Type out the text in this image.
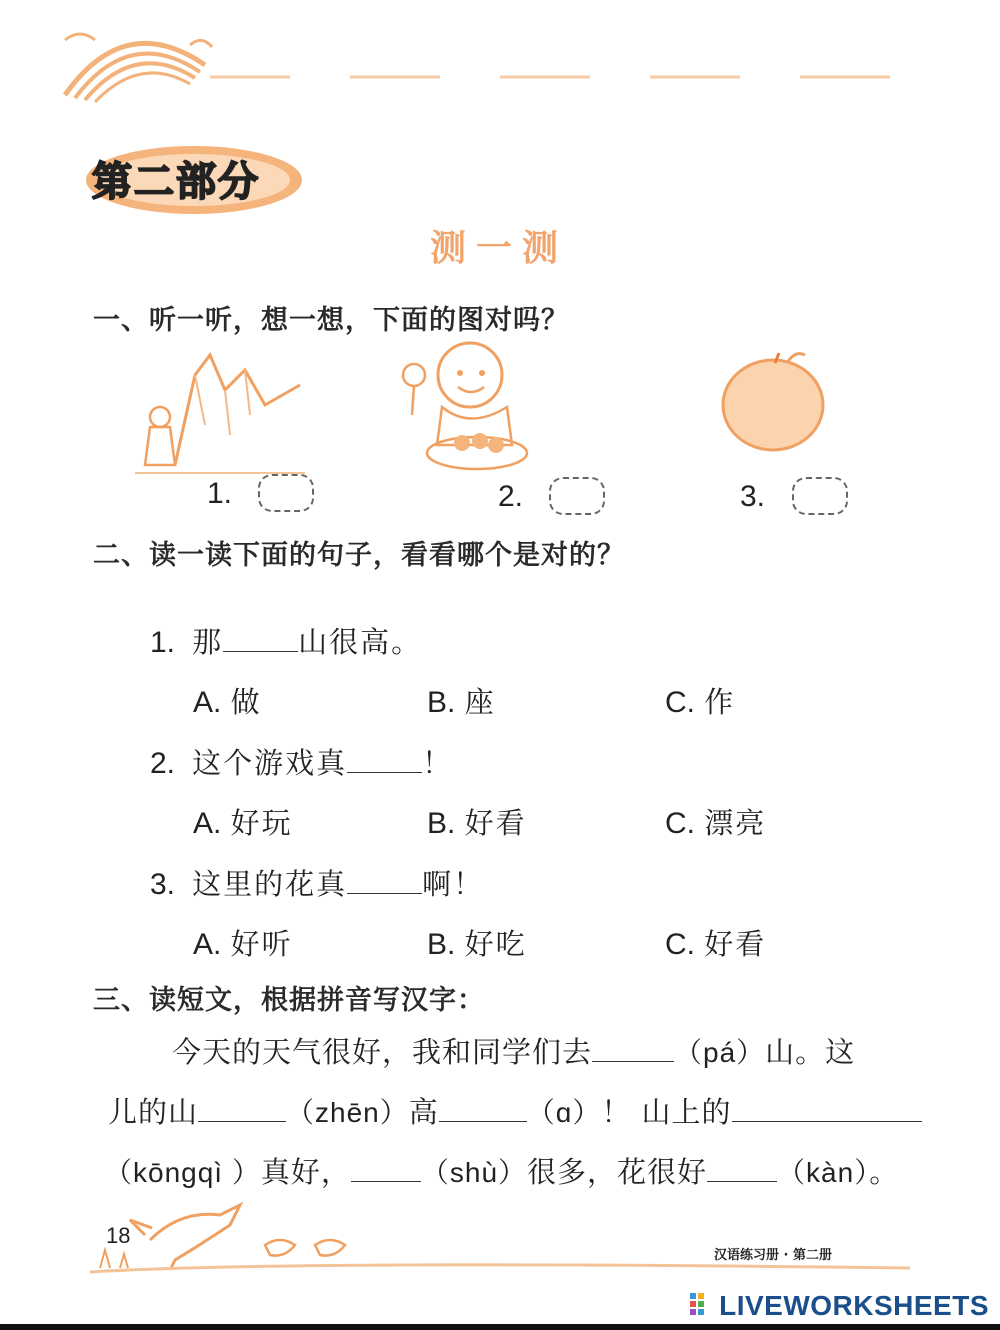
第二部分
测一测
一、听一听，想一想，下面的图对吗？
1.	2.	3.
二、读一读下面的句子，看看哪个是对的？
1. 那	山很高。
A. 做	B. 座	C. 作
2. 这个游戏真	！
A. 好玩	B. 好看	C. 漂亮
3. 这里的花真	啊！
A. 好听	B. 好吃	C. 好看
三、读短文，根据拼音写汉字：
今天的天气很好，我和同学们去	（pá）山。这
儿的山	（zhēn）高	（ɑ）！ 山上的
（kōngqì ）真好，	（shù）很多，花很好	（kàn）。
18
汉语练习册 · 第二册
LIVEWORKSHEETS
